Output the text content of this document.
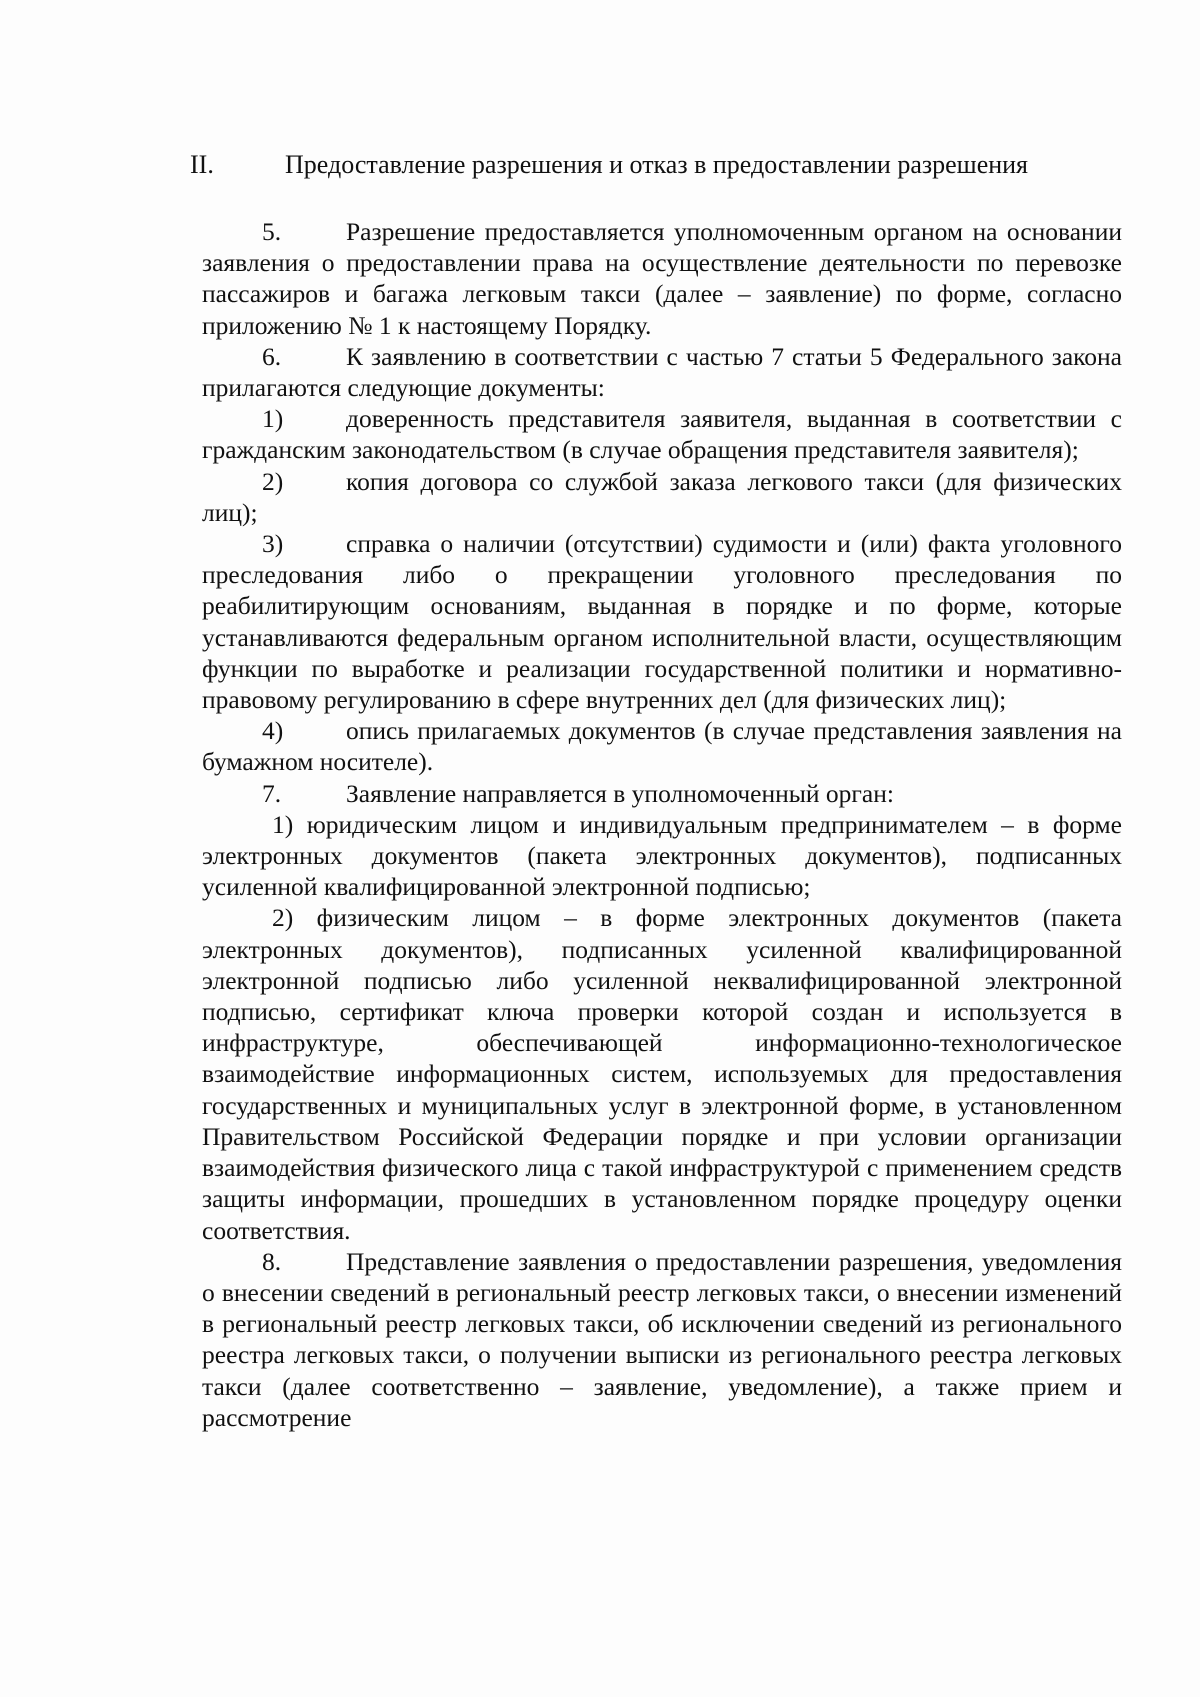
II.	Предоставление разрешения и отказ в предоставлении разрешения

5.	Разрешение предоставляется уполномоченным органом на основании заявления о предоставлении права на осуществление деятельности по перевозке пассажиров и багажа легковым такси (далее – заявление) по форме, согласно приложению № 1 к настоящему Порядку.

6.	К заявлению в соответствии с частью 7 статьи 5 Федерального закона прилагаются следующие документы:

1) доверенность представителя заявителя, выданная в соответствии с гражданским законодательством (в случае обращения представителя заявителя);

2) копия договора со службой заказа легкового такси (для физических лиц);

3) справка о наличии (отсутствии) судимости и (или) факта уголовного преследования либо о прекращении уголовного преследования по реабилитирующим основаниям, выданная в порядке и по форме, которые устанавливаются федеральным органом исполнительной власти, осуществляющим функции по выработке и реализации государственной политики и нормативно-правовому регулированию в сфере внутренних дел (для физических лиц);

4) опись прилагаемых документов (в случае представления заявления на бумажном носителе).

7.	Заявление направляется в уполномоченный орган:

1) юридическим лицом и индивидуальным предпринимателем – в форме электронных документов (пакета электронных документов), подписанных усиленной квалифицированной электронной подписью;

2) физическим лицом – в форме электронных документов (пакета электронных документов), подписанных усиленной квалифицированной электронной подписью либо усиленной неквалифицированной электронной подписью, сертификат ключа проверки которой создан и используется в инфраструктуре, обеспечивающей информационно-технологическое взаимодействие информационных систем, используемых для предоставления государственных и муниципальных услуг в электронной форме, в установленном Правительством Российской Федерации порядке и при условии организации взаимодействия физического лица с такой инфраструктурой с применением средств защиты информации, прошедших в установленном порядке процедуру оценки соответствия.

8.	Представление заявления о предоставлении разрешения, уведомления о внесении сведений в региональный реестр легковых такси, о внесении изменений в региональный реестр легковых такси, об исключении сведений из регионального реестра легковых такси, о получении выписки из регионального реестра легковых такси (далее соответственно – заявление, уведомление), а также прием и рассмотрение
